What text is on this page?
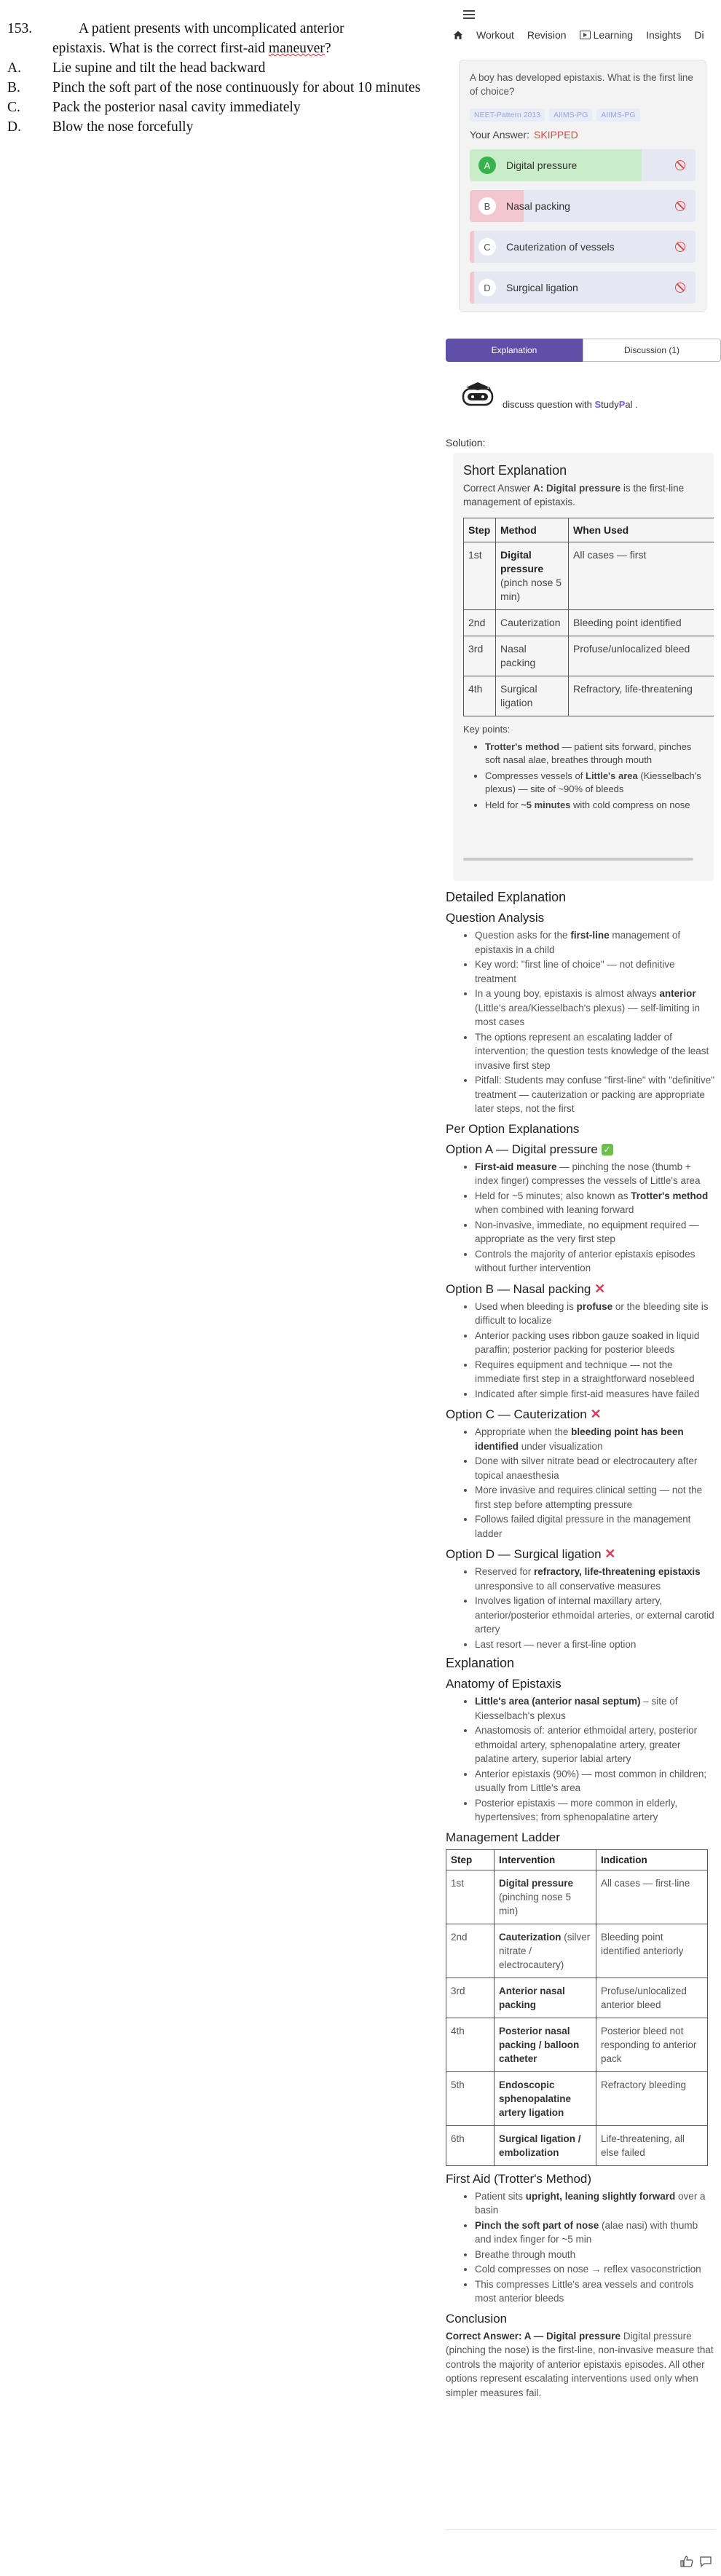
153.	A patient presents with uncomplicated anterior
epistaxis. What is the correct first-aid maneuver?
A.	Lie supine and tilt the head backward
B.	Pinch the soft part of the nose continuously for about 10 minutes
C.	Pack the posterior nasal cavity immediately
D.	Blow the nose forcefully
Workout Revision	Learning Insights Di
A boy has developed epistaxis. What is the first line of choice?
NEET-Pattern 2013	AIIMS-PG	AIIMS-PG
Your Answer: SKIPPED
A	Digital pressure
B	Nasal packing
C	Cauterization of vessels
D	Surgical ligation
Explanation	Discussion (1)
discuss question with StudyPal .
Solution:
Short Explanation
Correct Answer A: Digital pressure is the first-line management of epistaxis.
Step	Method	When Used
1st	Digital pressure (pinch nose 5 min)	All cases — first
2nd	Cauterization	Bleeding point identified
3rd	Nasal packing	Profuse/unlocalized bleed
4th	Surgical ligation	Refractory, life-threatening
Key points:
• Trotter's method — patient sits forward, pinches soft nasal alae, breathes through mouth
• Compresses vessels of Little's area (Kiesselbach's plexus) — site of ~90% of bleeds
• Held for ~5 minutes with cold compress on nose
Detailed Explanation
Question Analysis
• Question asks for the first-line management of epistaxis in a child
• Key word: "first line of choice" — not definitive treatment
• In a young boy, epistaxis is almost always anterior (Little's area/Kiesselbach's plexus) — self-limiting in most cases
• The options represent an escalating ladder of intervention; the question tests knowledge of the least invasive first step
• Pitfall: Students may confuse "first-line" with "definitive" treatment — cauterization or packing are appropriate later steps, not the first
Per Option Explanations
Option A — Digital pressure ✓
• First-aid measure — pinching the nose (thumb + index finger) compresses the vessels of Little's area
• Held for ~5 minutes; also known as Trotter's method when combined with leaning forward
• Non-invasive, immediate, no equipment required — appropriate as the very first step
• Controls the majority of anterior epistaxis episodes without further intervention
Option B — Nasal packing ✕
• Used when bleeding is profuse or the bleeding site is difficult to localize
• Anterior packing uses ribbon gauze soaked in liquid paraffin; posterior packing for posterior bleeds
• Requires equipment and technique — not the immediate first step in a straightforward nosebleed
• Indicated after simple first-aid measures have failed
Option C — Cauterization ✕
• Appropriate when the bleeding point has been identified under visualization
• Done with silver nitrate bead or electrocautery after topical anaesthesia
• More invasive and requires clinical setting — not the first step before attempting pressure
• Follows failed digital pressure in the management ladder
Option D — Surgical ligation ✕
• Reserved for refractory, life-threatening epistaxis unresponsive to all conservative measures
• Involves ligation of internal maxillary artery, anterior/posterior ethmoidal arteries, or external carotid artery
• Last resort — never a first-line option
Explanation
Anatomy of Epistaxis
• Little's area (anterior nasal septum) – site of Kiesselbach's plexus
• Anastomosis of: anterior ethmoidal artery, posterior ethmoidal artery, sphenopalatine artery, greater palatine artery, superior labial artery
• Anterior epistaxis (90%) — most common in children; usually from Little's area
• Posterior epistaxis — more common in elderly, hypertensives; from sphenopalatine artery
Management Ladder
Step	Intervention	Indication
1st	Digital pressure (pinching nose 5 min)	All cases — first-line
2nd	Cauterization (silver nitrate / electrocautery)	Bleeding point identified anteriorly
3rd	Anterior nasal packing	Profuse/unlocalized anterior bleed
4th	Posterior nasal packing / balloon catheter	Posterior bleed not responding to anterior pack
5th	Endoscopic sphenopalatine artery ligation	Refractory bleeding
6th	Surgical ligation / embolization	Life-threatening, all else failed
First Aid (Trotter's Method)
• Patient sits upright, leaning slightly forward over a basin
• Pinch the soft part of nose (alae nasi) with thumb and index finger for ~5 min
• Breathe through mouth
• Cold compresses on nose → reflex vasoconstriction
• This compresses Little's area vessels and controls most anterior bleeds
Conclusion
Correct Answer: A — Digital pressure Digital pressure (pinching the nose) is the first-line, non-invasive measure that controls the majority of anterior epistaxis episodes. All other options represent escalating interventions used only when simpler measures fail.
